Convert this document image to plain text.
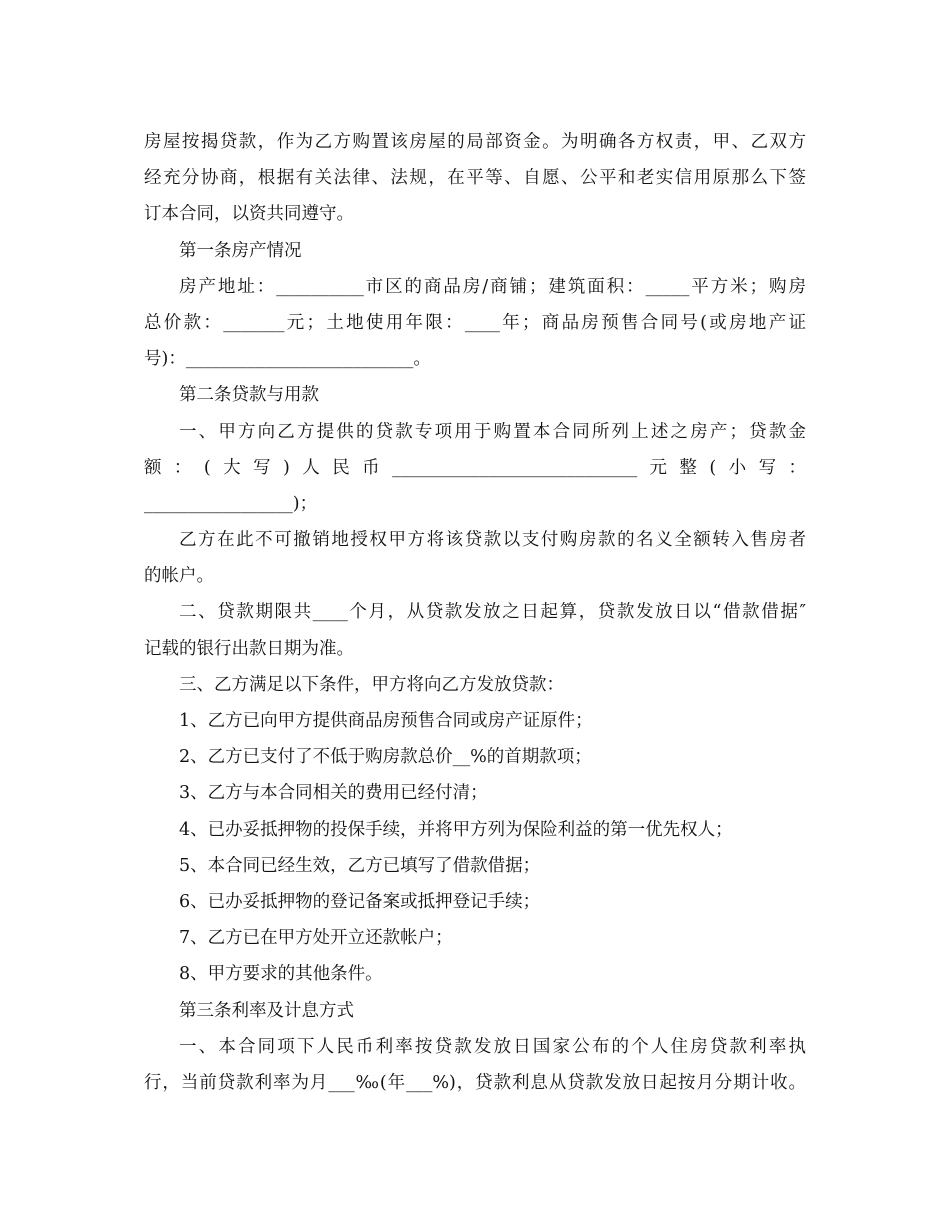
房屋按揭贷款，作为乙方购置该房屋的局部资金。为明确各方权责，甲、乙双方
经充分协商，根据有关法律、法规，在平等、自愿、公平和老实信用原那么下签
订本合同，以资共同遵守。
第一条房产情况
房产地址：__________市区的商品房/商铺；建筑面积：_____平方米；购房
总价款：_______元；土地使用年限：____年；商品房预售合同号(或房地产证
号)：__________________________。
第二条贷款与用款
一、甲方向乙方提供的贷款专项用于购置本合同所列上述之房产；贷款金
额：(大写)人民币____________________________元整(小写：
_________________)；
乙方在此不可撤销地授权甲方将该贷款以支付购房款的名义全额转入售房者
的帐户。
二、贷款期限共____个月，从贷款发放之日起算，贷款发放日以“借款借据″
记载的银行出款日期为准。
三、乙方满足以下条件，甲方将向乙方发放贷款：
1、乙方已向甲方提供商品房预售合同或房产证原件；
2、乙方已支付了不低于购房款总价__%的首期款项；
3、乙方与本合同相关的费用已经付清；
4、已办妥抵押物的投保手续，并将甲方列为保险利益的第一优先权人；
5、本合同已经生效，乙方已填写了借款借据；
6、已办妥抵押物的登记备案或抵押登记手续；
7、乙方已在甲方处开立还款帐户；
8、甲方要求的其他条件。
第三条利率及计息方式
一、本合同项下人民币利率按贷款发放日国家公布的个人住房贷款利率执
行，当前贷款利率为月___‰(年___%)，贷款利息从贷款发放日起按月分期计收。
